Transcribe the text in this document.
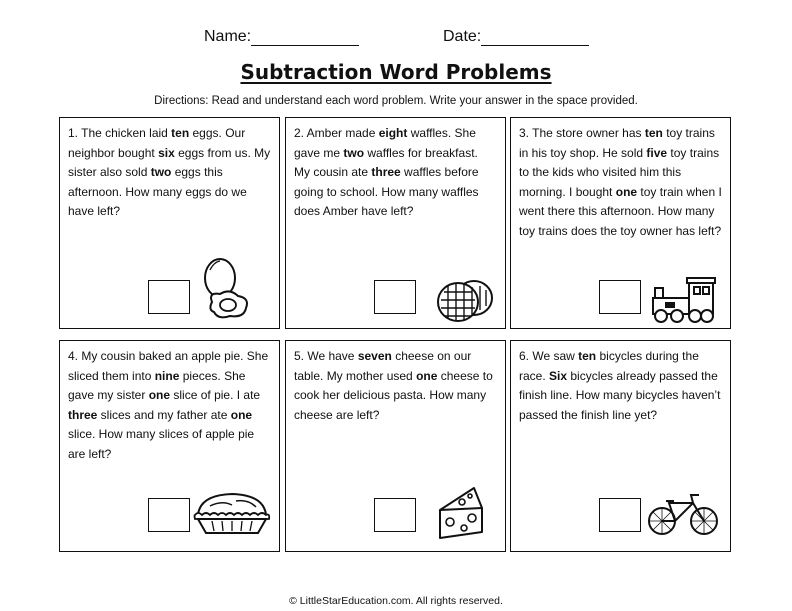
Name:	Date:
Subtraction Word Problems
Directions: Read and understand each word problem. Write your answer in the space provided.

1. The chicken laid ten eggs. Our neighbor bought six eggs from us. My sister also sold two eggs this afternoon. How many eggs do we have left?

2. Amber made eight waffles. She gave me two waffles for breakfast. My cousin ate three waffles before going to school. How many waffles does Amber have left?

3. The store owner has ten toy trains in his toy shop. He sold five toy trains to the kids who visited him this morning. I bought one toy train when I went there this afternoon. How many toy trains does the toy owner has left?

4. My cousin baked an apple pie. She sliced them into nine pieces. She gave my sister one slice of pie. I ate three slices and my father ate one slice. How many slices of apple pie are left?

5. We have seven cheese on our table. My mother used one cheese to cook her delicious pasta. How many cheese are left?

6. We saw ten bicycles during the race. Six bicycles already passed the finish line. How many bicycles haven’t passed the finish line yet?

© LittleStarEducation.com. All rights reserved.
